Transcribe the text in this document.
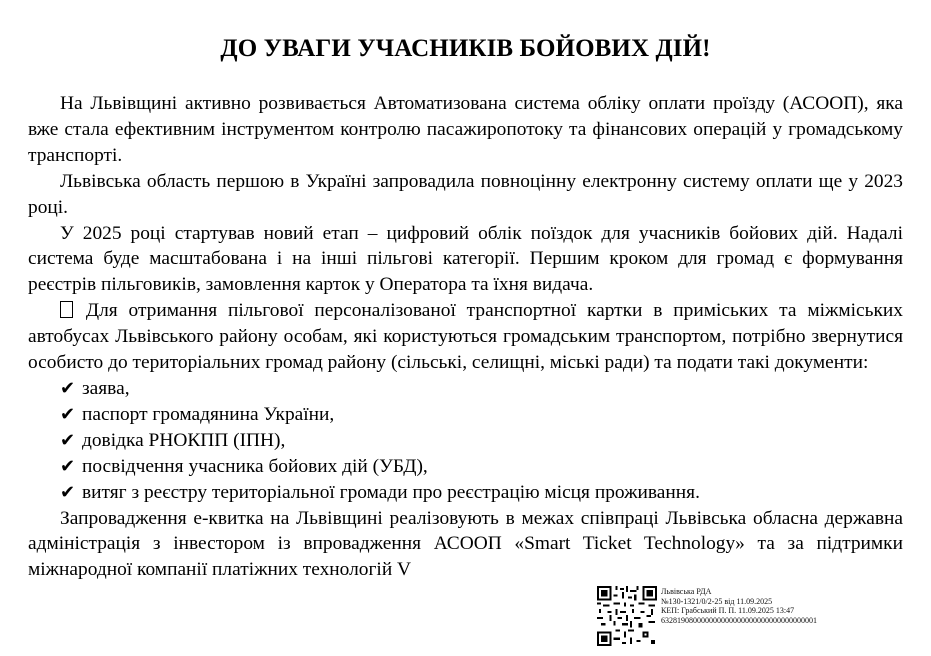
ДО УВАГИ УЧАСНИКІВ БОЙОВИХ ДІЙ!

На Львівщині активно розвивається Автоматизована система обліку оплати проїзду (АСООП), яка вже стала ефективним інструментом контролю пасажиропотоку та фінансових операцій у громадському транспорті.

Львівська область першою в Україні запровадила повноцінну електронну систему оплати ще у 2023 році.

У 2025 році стартував новий етап – цифровий облік поїздок для учасників бойових дій. Надалі система буде масштабована і на інші пільгові категорії. Першим кроком для громад є формування реєстрів пільговиків, замовлення карток у Оператора та їхня видача.

Для отримання пільгової персоналізованої транспортної картки в приміських та міжміських автобусах Львівського району особам, які користуються громадським транспортом, потрібно звернутися особисто до територіальних громад району (сільські, селищні, міські ради) та подати такі документи:

✔ заява,
✔ паспорт громадянина України,
✔ довідка РНОКПП (ІПН),
✔ посвідчення учасника бойових дій (УБД),
✔ витяг з реєстру територіальної громади про реєстрацію місця проживання.

Запровадження е-квитка на Львівщині реалізовують в межах співпраці Львівська обласна державна адміністрація з інвестором із впровадження АСООП «Smart Ticket Technology» та за підтримки міжнародної компанії платіжних технологій V

Львівська РДА
№130-1321/0/2-25 від 11.09.2025
КЕП: Грабський П. П. 11.09.2025 13:47
632819080000000000000000000000000000001
